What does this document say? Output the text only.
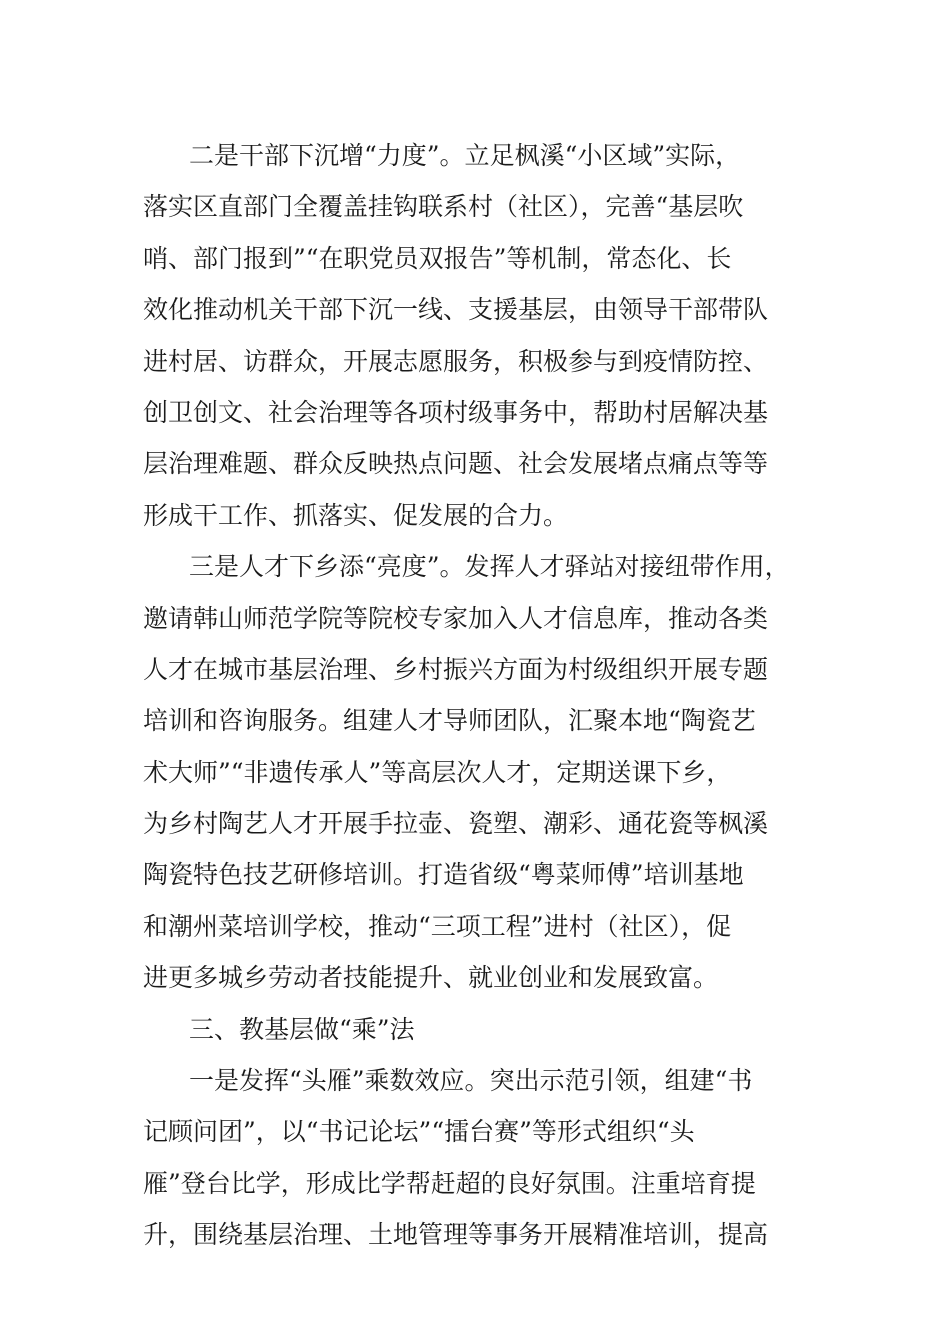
二是干部下沉增“力度”。立足枫溪“小区域”实际，
落实区直部门全覆盖挂钩联系村（社区），完善“基层吹
哨、部门报到”“在职党员双报告”等机制，常态化、长
效化推动机关干部下沉一线、支援基层，由领导干部带队
进村居、访群众，开展志愿服务，积极参与到疫情防控、
创卫创文、社会治理等各项村级事务中，帮助村居解决基
层治理难题、群众反映热点问题、社会发展堵点痛点等等
形成干工作、抓落实、促发展的合力。
三是人才下乡添“亮度”。发挥人才驿站对接纽带作用，
邀请韩山师范学院等院校专家加入人才信息库，推动各类
人才在城市基层治理、乡村振兴方面为村级组织开展专题
培训和咨询服务。组建人才导师团队，汇聚本地“陶瓷艺
术大师”“非遗传承人”等高层次人才，定期送课下乡，
为乡村陶艺人才开展手拉壶、瓷塑、潮彩、通花瓷等枫溪
陶瓷特色技艺研修培训。打造省级“粤菜师傅”培训基地
和潮州菜培训学校，推动“三项工程”进村（社区），促
进更多城乡劳动者技能提升、就业创业和发展致富。
三、教基层做“乘”法
一是发挥“头雁”乘数效应。突出示范引领，组建“书
记顾问团”，以“书记论坛”“擂台赛”等形式组织“头
雁”登台比学，形成比学帮赶超的良好氛围。注重培育提
升，围绕基层治理、土地管理等事务开展精准培训，提高
